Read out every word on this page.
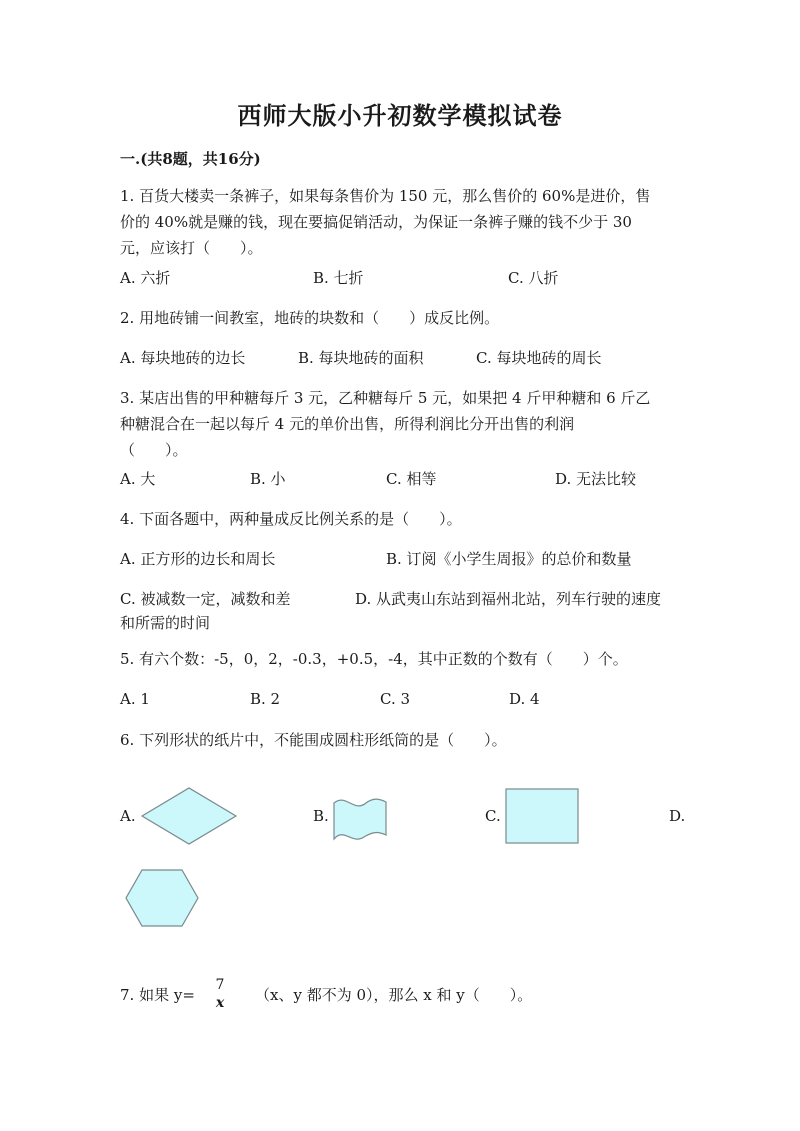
西师大版小升初数学模拟试卷
一.(共8题，共16分)
1. 百货大楼卖一条裤子，如果每条售价为 150 元，那么售价的 60%是进价，售
价的 40%就是赚的钱，现在要搞促销活动，为保证一条裤子赚的钱不少于 30
元，应该打（　　）。
A. 六折	B. 七折	C. 八折
2. 用地砖铺一间教室，地砖的块数和（　　）成反比例。
A. 每块地砖的边长	B. 每块地砖的面积	C. 每块地砖的周长
3. 某店出售的甲种糖每斤 3 元，乙种糖每斤 5 元，如果把 4 斤甲种糖和 6 斤乙
种糖混合在一起以每斤 4 元的单价出售，所得利润比分开出售的利润
（　　）。
A. 大	B. 小	C. 相等	D. 无法比较
4. 下面各题中，两种量成反比例关系的是（　　）。
A. 正方形的边长和周长	B. 订阅《小学生周报》的总价和数量
C. 被减数一定，减数和差	D. 从武夷山东站到福州北站，列车行驶的速度
和所需的时间
5. 有六个数：-5，0，2，-0.3，+0.5，-4，其中正数的个数有（　　）个。
A. 1	B. 2	C. 3	D. 4
6. 下列形状的纸片中，不能围成圆柱形纸筒的是（　　）。
A.	B.	C.	D.
7. 如果 y=
7
x	（x、y 都不为 0），那么 x 和 y（　　）。
